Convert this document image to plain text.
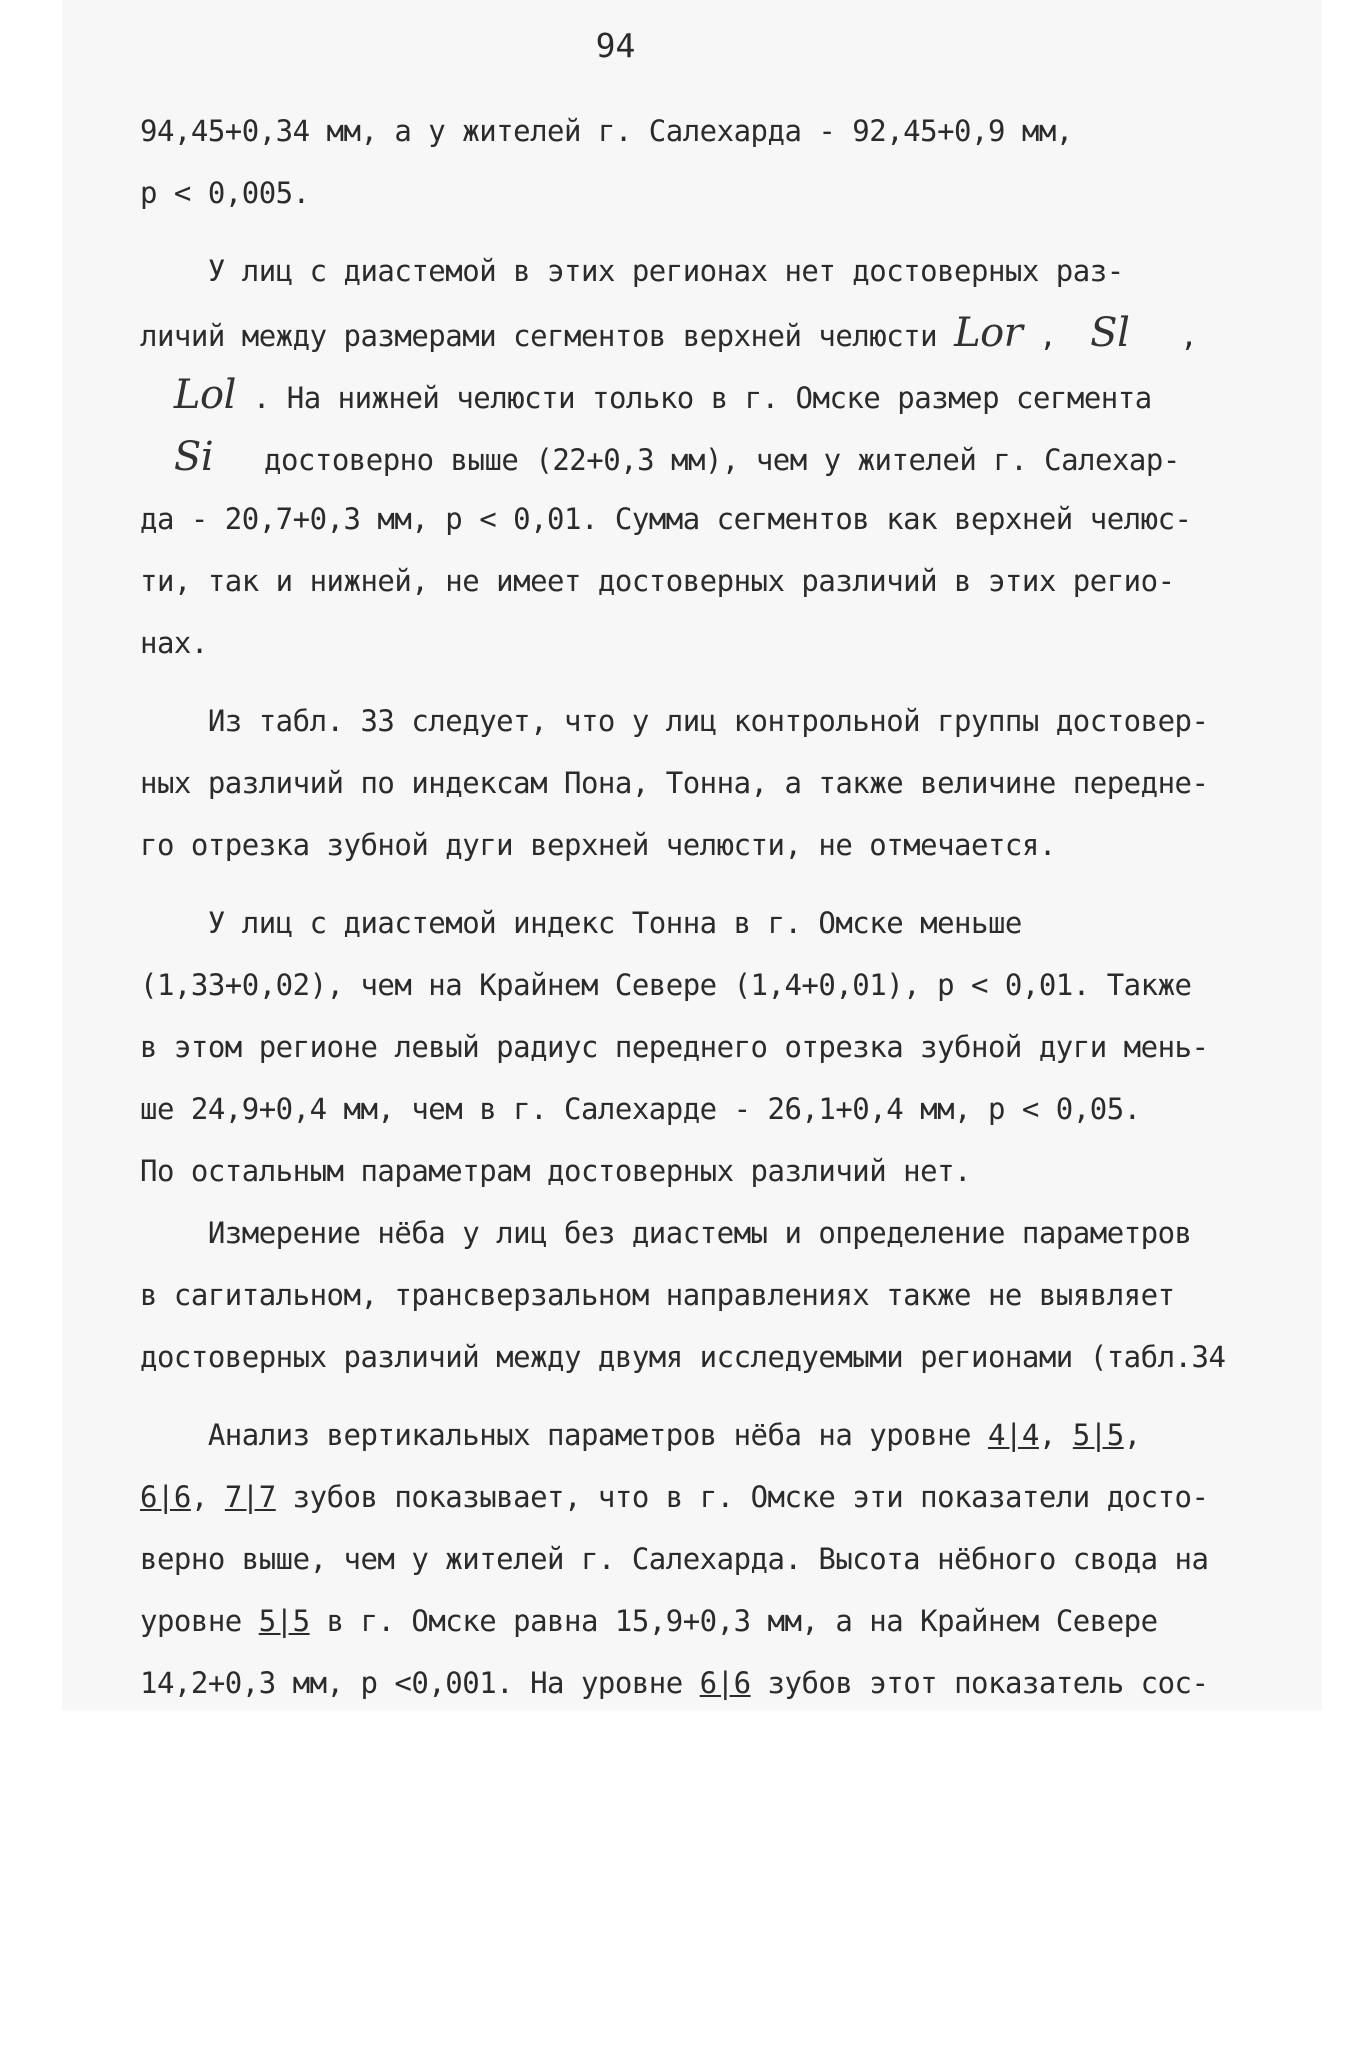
94
94,45+0,34 мм, а у жителей г. Салехарда - 92,45+0,9 мм,
р < 0,005.
У лиц с диастемой в этих регионах нет достоверных раз-
личий между размерами сегментов верхней челюсти Lor ,  Sl   ,
Lol . На нижней челюсти только в г. Омске размер сегмента
Si   достоверно выше (22+0,3 мм), чем у жителей г. Салехар-
да - 20,7+0,3 мм, р < 0,01. Сумма сегментов как верхней челюс-
ти, так и нижней, не имеет достоверных различий в этих регио-
нах.
Из табл. 33 следует, что у лиц контрольной группы достовер-
ных различий по индексам Пона, Тонна, а также величине передне-
го отрезка зубной дуги верхней челюсти, не отмечается.
У лиц с диастемой индекс Тонна в г. Омске меньше
(1,33+0,02), чем на Крайнем Севере (1,4+0,01), р < 0,01. Также
в этом регионе левый радиус переднего отрезка зубной дуги мень-
ше 24,9+0,4 мм, чем в г. Салехарде - 26,1+0,4 мм, р < 0,05.
По остальным параметрам достоверных различий нет.
Измерение нёба у лиц без диастемы и определение параметров
в сагитальном, трансверзальном направлениях также не выявляет
достоверных различий между двумя исследуемыми регионами (табл.34
Анализ вертикальных параметров нёба на уровне 4|4, 5|5,
6|6, 7|7 зубов показывает, что в г. Омске эти показатели досто-
верно выше, чем у жителей г. Салехарда. Высота нёбного свода на
уровне 5|5 в г. Омске равна 15,9+0,3 мм, а на Крайнем Севере
14,2+0,3 мм, р <0,001. На уровне 6|6 зубов этот показатель сос-
